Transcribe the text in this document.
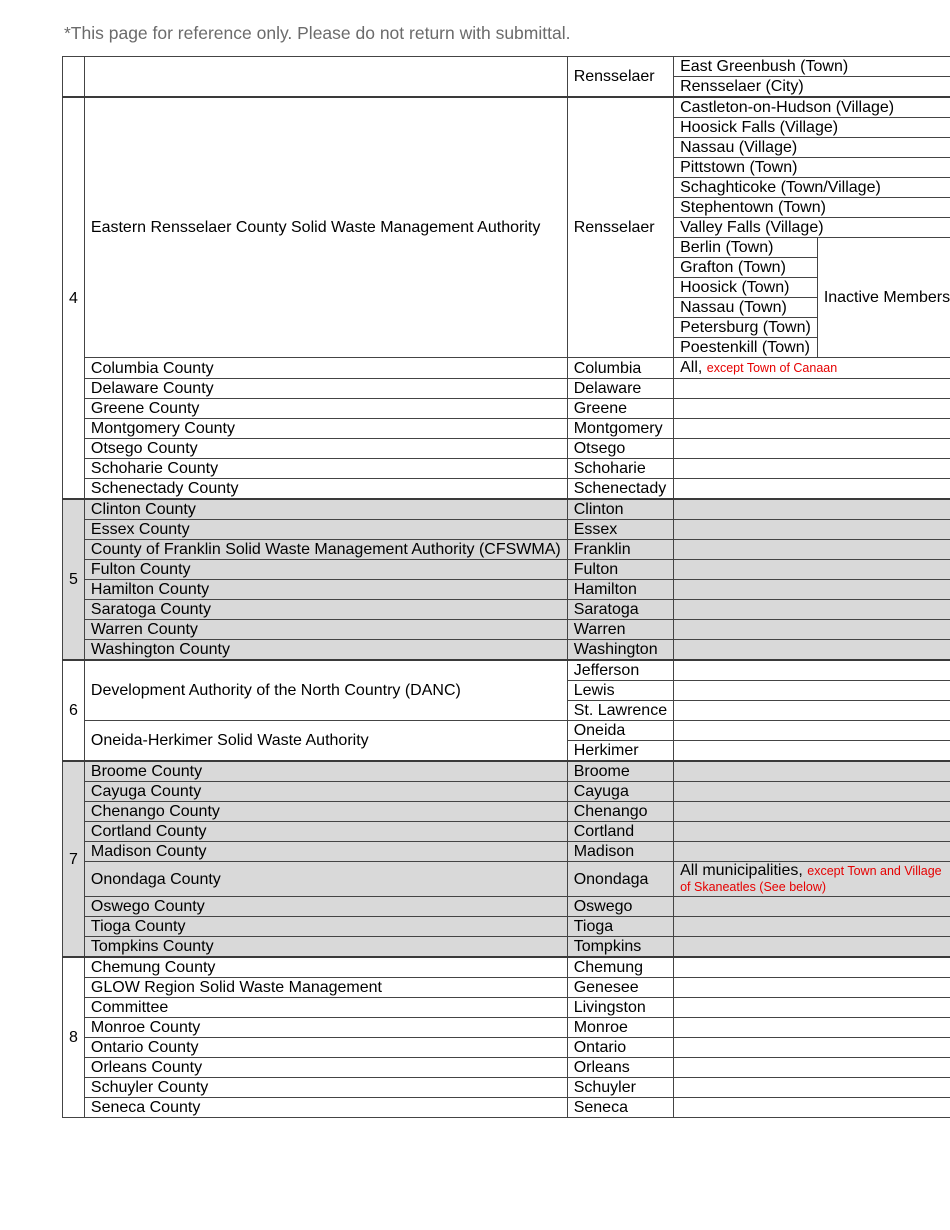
*This page for reference only. Please do not return with submittal.
		Rensselaer	East Greenbush (Town)	
			Rensselaer (City)	
4	Eastern Rensselaer County Solid Waste Management Authority	Rensselaer	Castleton-on-Hudson (Village)	
			Hoosick Falls (Village)	
			Nassau (Village)	
			Pittstown (Town)	
			Schaghticoke (Town/Village)	
			Stephentown (Town)	
			Valley Falls (Village)	
			Berlin (Town)	Inactive Members
			Grafton (Town)	
			Hoosick (Town)	
			Nassau (Town)	
			Petersburg (Town)	
			Poestenkill (Town)	
	Columbia County	Columbia	All, except Town of Canaan	
	Delaware County	Delaware		
	Greene County	Greene		
	Montgomery County	Montgomery		
	Otsego County	Otsego		
	Schoharie County	Schoharie		
	Schenectady County	Schenectady		
5	Clinton County	Clinton		
	Essex County	Essex		
	County of Franklin Solid Waste Management Authority (CFSWMA)	Franklin		
	Fulton County	Fulton		
	Hamilton County	Hamilton		
	Saratoga County	Saratoga		
	Warren County	Warren		
	Washington County	Washington		
6	Development Authority of the North Country (DANC)	Jefferson		
		Lewis		
		St. Lawrence		
	Oneida-Herkimer Solid Waste Authority	Oneida		
		Herkimer		
7	Broome County	Broome		
	Cayuga County	Cayuga		
	Chenango County	Chenango		
	Cortland County	Cortland		
	Madison County	Madison		
	Onondaga County	Onondaga	All municipalities, except Town and Village of Skaneatles (See below)	

	Oswego County	Oswego		
	Tioga County	Tioga		
	Tompkins County	Tompkins		
8	Chemung County	Chemung		
	GLOW Region Solid Waste Management	Genesee		
	Committee	Livingston		
	Monroe County	Monroe		
	Ontario County	Ontario		
	Orleans County	Orleans		
	Schuyler County	Schuyler		
	Seneca County	Seneca		
